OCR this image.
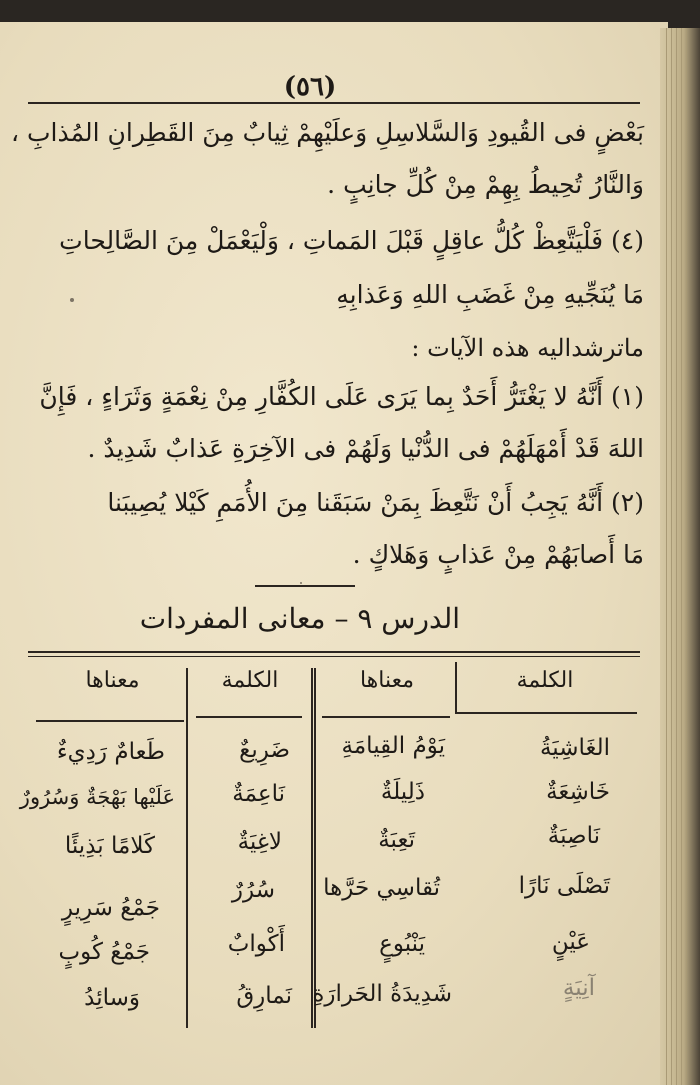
(٥٦)
بَعْضٍ فى القُيودِ وَالسَّلاسِلِ وَعلَيْهِمْ ثِيابٌ مِنَ القَطِرانِ المُذابِ ،
وَالنَّارُ تُحِيطُ بِهِمْ مِنْ كُلِّ جانِبٍ .
(٤) فَلْيَتَّعِظْ كُلُّ عاقِلٍ قَبْلَ المَماتِ ، وَلْيَعْمَلْ مِنَ الصَّالِحاتِ
مَا يُنَجِّيهِ مِنْ غَضَبِ اللهِ وَعَذابِهِ
ماترشداليه هذه الآيات :
(١) أَنَّهُ لا يَغْتَرُّ أَحَدٌ بِما يَرَى عَلَى الكُفَّارِ مِنْ نِعْمَةٍ وَثَرَاءٍ ، فَإِنَّ
اللهَ قَدْ أَمْهَلَهُمْ فى الدُّنْيا وَلَهُمْ فى الآخِرَةِ عَذابٌ شَدِيدٌ .
(٢) أَنَّهُ يَجِبُ أَنْ نَتَّعِظَ بِمَنْ سَبَقَنا مِنَ الأُمَمِ كَيْلا يُصِيبَنا
مَا أَصابَهُمْ مِنْ عَذابٍ وَهَلاكٍ .
الدرس ٩ – معانى المفردات
الكلمة
معناها
الكلمة
معناها
الغَاشِيَةُ
يَوْمُ القِيامَةِ
ضَرِيعٌ
طَعامٌ رَدِيءٌ
خَاشِعَةٌ
ذَلِيلَةٌ
نَاعِمَةٌ
عَلَيْها بَهْجَةٌ وَسُرُورٌ
نَاصِبَةٌ
تَعِبَةٌ
لاغِيَةٌ
كَلامًا بَذِيئًا
تَصْلَى نَارًا
تُقاسِي حَرَّها
سُرُرٌ
جَمْعُ سَرِيرٍ
عَيْنٍ
يَنْبُوعٍ
أَكْوابٌ
جَمْعُ كُوبٍ
آنِيَةٍ
شَدِيدَةُ الحَرارَةِ
نَمارِقُ
وَسائِدُ
